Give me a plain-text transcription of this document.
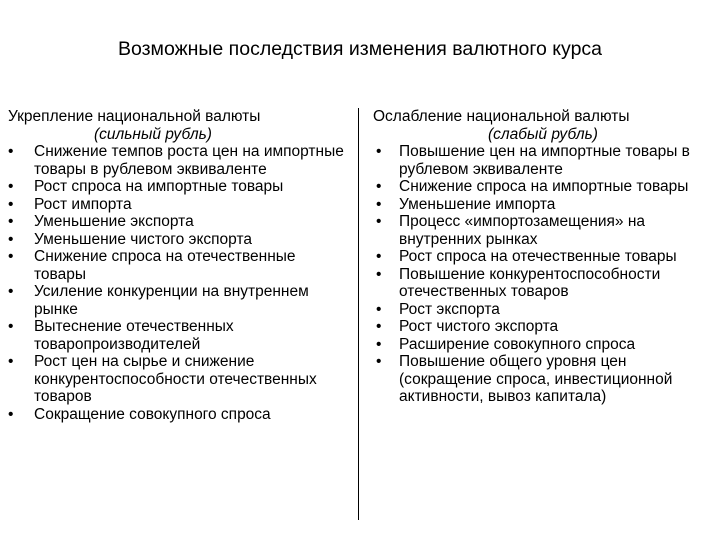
Возможные последствия изменения валютного курса
Укрепление национальной валюты
(сильный рубль)
• Снижение темпов роста цен на импортные товары в рублевом эквиваленте
• Рост спроса на импортные товары
• Рост импорта
• Уменьшение экспорта
• Уменьшение чистого экспорта
• Снижение спроса на отечественные товары
• Усиление конкуренции на внутреннем рынке
• Вытеснение отечественных товаропроизводителей
• Рост цен на сырье и снижение конкурентоспособности отечественных товаров
• Сокращение совокупного спроса
Ослабление национальной валюты
(слабый рубль)
• Повышение цен на импортные товары в рублевом эквиваленте
• Снижение спроса на импортные товары
• Уменьшение импорта
• Процесс «импортозамещения» на внутренних рынках
• Рост спроса на отечественные товары
• Повышение конкурентоспособности отечественных товаров
• Рост экспорта
• Рост чистого экспорта
• Расширение совокупного спроса
• Повышение общего уровня цен (сокращение спроса, инвестиционной активности, вывоз капитала)
